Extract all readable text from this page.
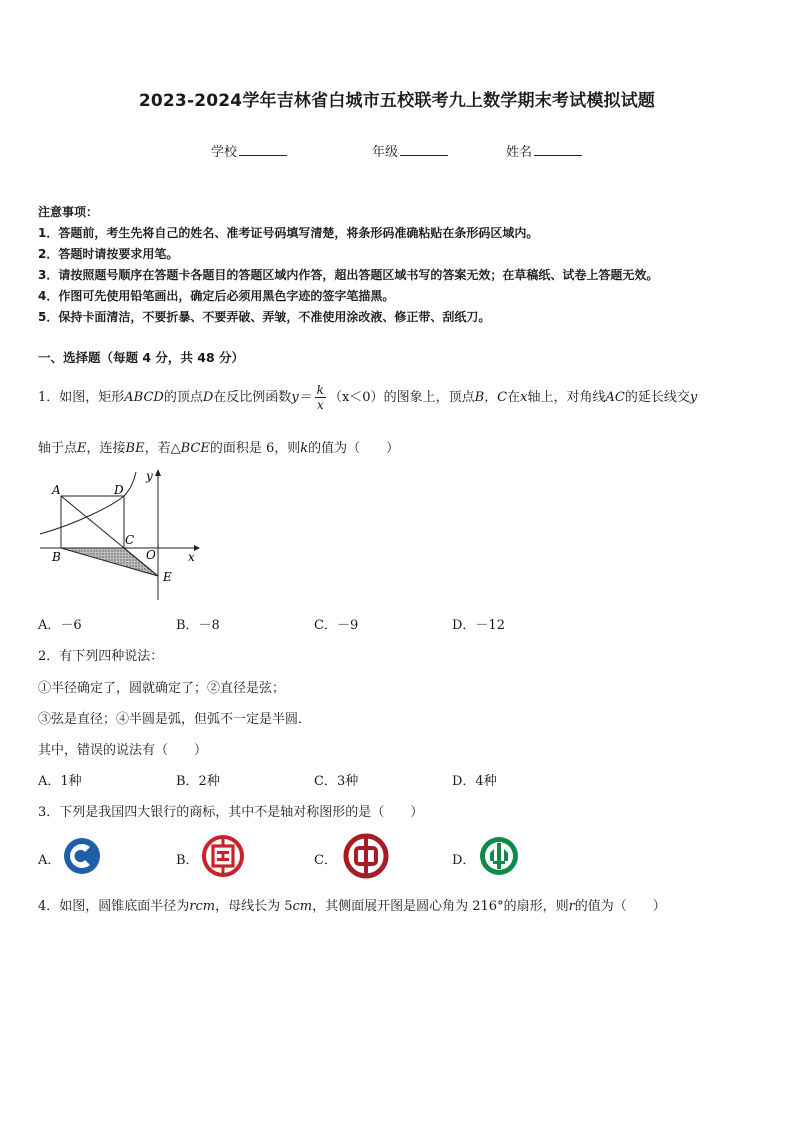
2023-2024学年吉林省白城市五校联考九上数学期末考试模拟试题
学校	年级	姓名
注意事项：
1．答题前，考生先将自己的姓名、准考证号码填写清楚，将条形码准确粘贴在条形码区域内。
2．答题时请按要求用笔。
3．请按照题号顺序在答题卡各题目的答题区域内作答，超出答题区域书写的答案无效；在草稿纸、试卷上答题无效。
4．作图可先使用铅笔画出，确定后必须用黑色字迹的签字笔描黑。
5．保持卡面清洁，不要折暴、不要弄破、弄皱，不准使用涂改液、修正带、刮纸刀。
一、选择题（每题 4 分，共 48 分）
1．如图，矩形ABCD的顶点D在反比例函数$y= \frac{k}{x} (x<0)$的图象上，顶点B，C在x轴上，对角线AC的延长线交y
轴于点E，连接BE，若△BCE的面积是 6，则k的值为（　　）
A	D
B
C
O
E
x
y
A．－6	B．－8	C．－9	D．－12
2．有下列四种说法：
①半径确定了，圆就确定了；②直径是弦；
③弦是直径；④半圆是弧，但弧不一定是半圆．
其中，错误的说法有（　　）
A．1种	B．2种	C．3种	D．4种
3．下列是我国四大银行的商标，其中不是轴对称图形的是（　　）
A．	B．	C．	D．
4．如图，圆锥底面半径为rcm，母线长为 5cm，其侧面展开图是圆心角为 216°的扇形，则r的值为（　　）
